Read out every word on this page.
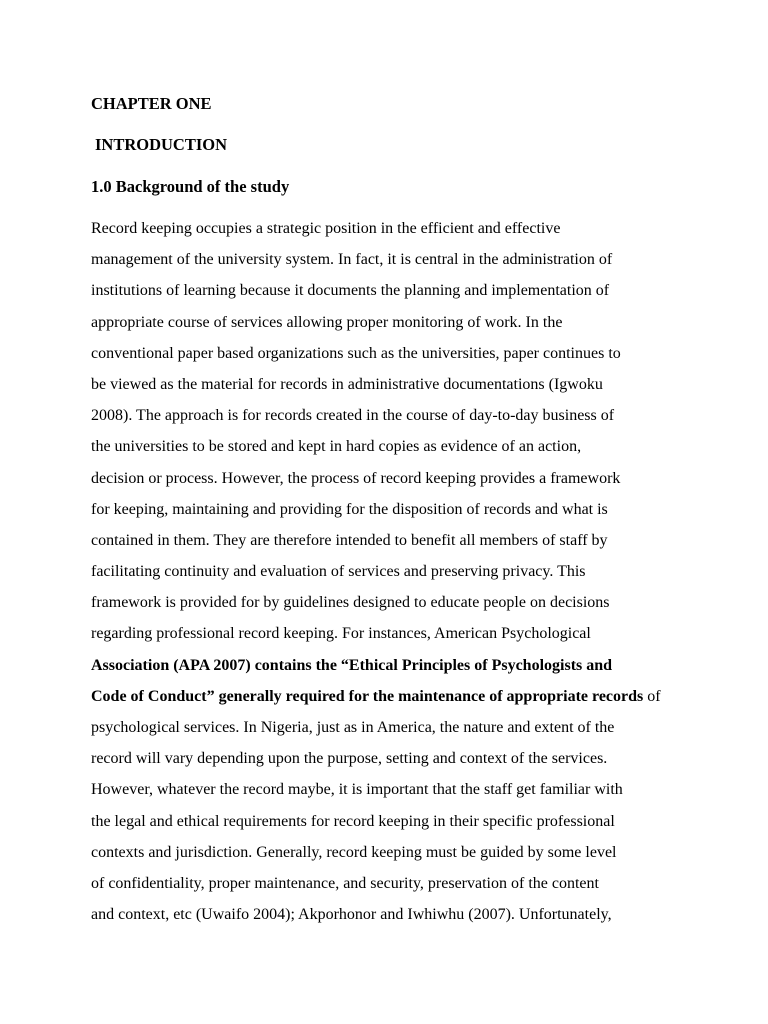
CHAPTER ONE
INTRODUCTION
1.0 Background of the study
Record keeping occupies a strategic position in the efficient and effective
management of the university system. In fact, it is central in the administration of
institutions of learning because it documents the planning and implementation of
appropriate course of services allowing proper monitoring of work. In the
conventional paper based organizations such as the universities, paper continues to
be viewed as the material for records in administrative documentations (Igwoku
2008). The approach is for records created in the course of day-to-day business of
the universities to be stored and kept in hard copies as evidence of an action,
decision or process. However, the process of record keeping provides a framework
for keeping, maintaining and providing for the disposition of records and what is
contained in them. They are therefore intended to benefit all members of staff by
facilitating continuity and evaluation of services and preserving privacy. This
framework is provided for by guidelines designed to educate people on decisions
regarding professional record keeping. For instances, American Psychological
Association (APA 2007) contains the “Ethical Principles of Psychologists and
Code of Conduct” generally required for the maintenance of appropriate records of
psychological services. In Nigeria, just as in America, the nature and extent of the
record will vary depending upon the purpose, setting and context of the services.
However, whatever the record maybe, it is important that the staff get familiar with
the legal and ethical requirements for record keeping in their specific professional
contexts and jurisdiction. Generally, record keeping must be guided by some level
of confidentiality, proper maintenance, and security, preservation of the content
and context, etc (Uwaifo 2004); Akporhonor and Iwhiwhu (2007). Unfortunately,
